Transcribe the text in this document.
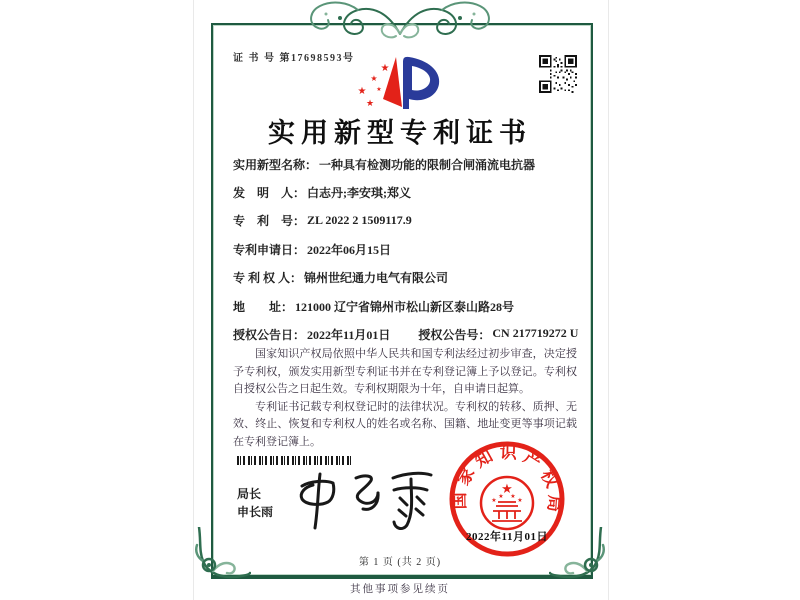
证 书 号 第17698593号
★
★
★ ★
★
实用新型专利证书
实用新型名称： 一种具有检测功能的限制合闸涌流电抗器
发　明　人： 白志丹;李安琪;郑义
专　利　号： ZL 2022 2 1509117.9
专利申请日： 2022年06月15日
专 利 权 人： 锦州世纪通力电气有限公司
地　　址： 121000 辽宁省锦州市松山新区泰山路28号
授权公告日： 2022年11月01日 授权公告号： CN 217719272 U

国家知识产权局依照中华人民共和国专利法经过初步审查，决定授予专利权，颁发实用新型专利证书并在专利登记簿上予以登记。专利权自授权公告之日起生效。专利权期限为十年，自申请日起算。

专利证书记载专利权登记时的法律状况。专利权的转移、质押、无效、终止、恢复和专利权人的姓名或名称、国籍、地址变更等事项记载在专利登记簿上。

局长
申长雨
国家知识产权局
★
★
★ ★
★
2022年11月01日
第 1 页 (共 2 页)
其他事项参见续页
